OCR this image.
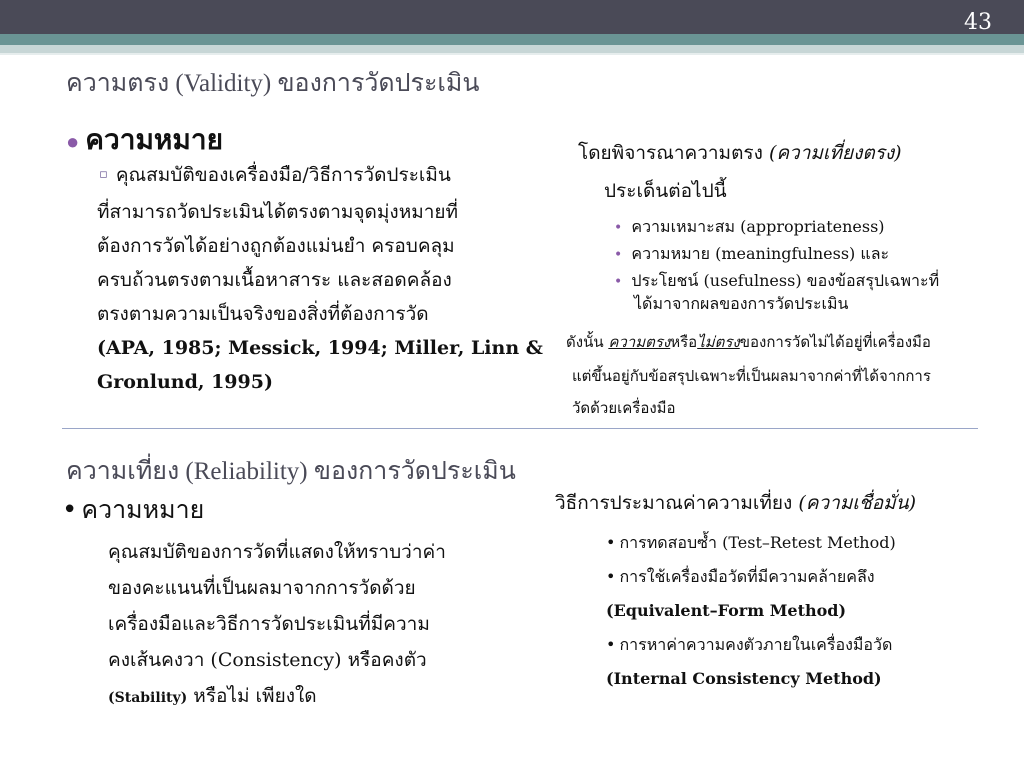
43
ความตรง (Validity) ของการวัดประเมิน
● ความหมาย
▫ คุณสมบัติของเครื่องมือ/วิธีการวัดประเมิน
ที่สามารถวัดประเมินได้ตรงตามจุดมุ่งหมายที่
ต้องการวัดได้อย่างถูกต้องแม่นยำ ครอบคลุม
ครบถ้วนตรงตามเนื้อหาสาระ และสอดคล้อง
ตรงตามความเป็นจริงของสิ่งที่ต้องการวัด
(APA, 1985; Messick, 1994; Miller, Linn &
Gronlund, 1995)
โดยพิจารณาความตรง (ความเที่ยงตรง)
ประเด็นต่อไปนี้
• ความเหมาะสม (appropriateness)
• ความหมาย (meaningfulness) และ
• ประโยชน์ (usefulness) ของข้อสรุปเฉพาะที่
ได้มาจากผลของการวัดประเมิน
ดังนั้น ความตรงหรือไม่ตรงของการวัดไม่ได้อยู่ที่เครื่องมือ
แต่ขึ้นอยู่กับข้อสรุปเฉพาะที่เป็นผลมาจากค่าที่ได้จากการ
วัดด้วยเครื่องมือ
ความเที่ยง (Reliability) ของการวัดประเมิน
• ความหมาย
คุณสมบัติของการวัดที่แสดงให้ทราบว่าค่า
ของคะแนนที่เป็นผลมาจากการวัดด้วย
เครื่องมือและวิธีการวัดประเมินที่มีความ
คงเส้นคงวา (Consistency) หรือคงตัว
(Stability) หรือไม่ เพียงใด
วิธีการประมาณค่าความเที่ยง (ความเชื่อมั่น)
• การทดสอบซ้ำ (Test–Retest Method)
• การใช้เครื่องมือวัดที่มีความคล้ายคลึง
(Equivalent–Form Method)
• การหาค่าความคงตัวภายในเครื่องมือวัด
(Internal Consistency Method)
